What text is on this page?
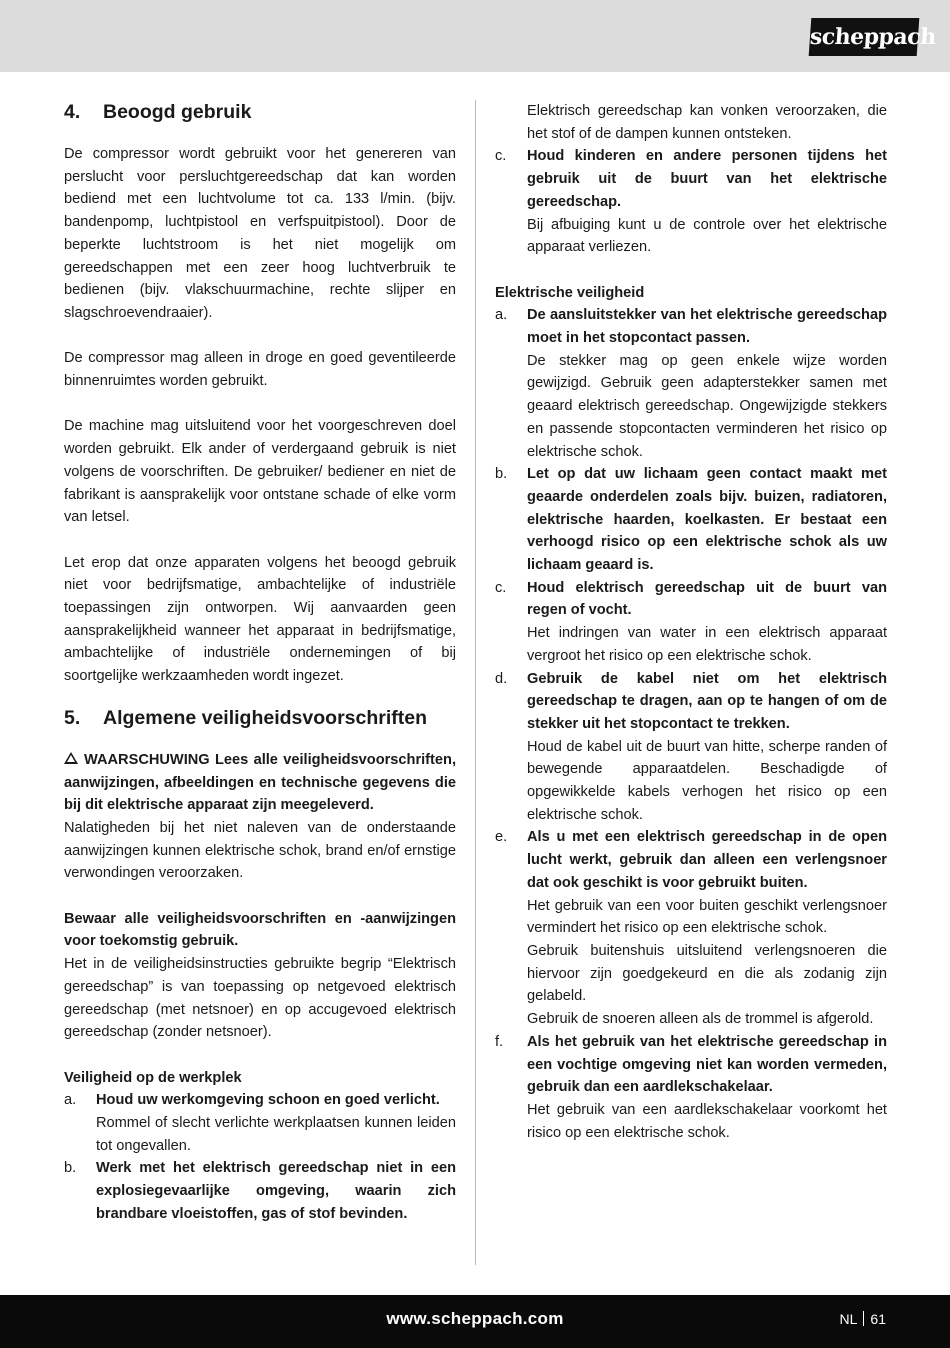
scheppach
4.	Beoogd gebruik

De compressor wordt gebruikt voor het genereren van perslucht voor persluchtgereedschap dat kan worden bediend met een luchtvolume tot ca. 133 l/min. (bijv. bandenpomp, luchtpistool en verfspuitpistool). Door de beperkte luchtstroom is het niet mogelijk om gereedschappen met een zeer hoog luchtverbruik te bedienen (bijv. vlakschuurmachine, rechte slijper en slagschroevendraaier).

De compressor mag alleen in droge en goed geventileerde binnenruimtes worden gebruikt.

De machine mag uitsluitend voor het voorgeschreven doel worden gebruikt. Elk ander of verdergaand gebruik is niet volgens de voorschriften. De gebruiker/ bediener en niet de fabrikant is aansprakelijk voor ontstane schade of elke vorm van letsel.

Let erop dat onze apparaten volgens het beoogd gebruik niet voor bedrijfsmatige, ambachtelijke of industriële toepassingen zijn ontworpen. Wij aanvaarden geen aansprakelijkheid wanneer het apparaat in bedrijfsmatige, ambachtelijke of industriële ondernemingen of bij soortgelijke werkzaamheden wordt ingezet.

5.	Algemene veiligheidsvoorschriften

WAARSCHUWING Lees alle veiligheidsvoorschriften, aanwijzingen, afbeeldingen en technische gegevens die bij dit elektrische apparaat zijn meegeleverd.

Nalatigheden bij het niet naleven van de onderstaande aanwijzingen kunnen elektrische schok, brand en/of ernstige verwondingen veroorzaken.

Bewaar alle veiligheidsvoorschriften en -aanwijzingen voor toekomstig gebruik.

Het in de veiligheidsinstructies gebruikte begrip “Elektrisch gereedschap” is van toepassing op netgevoed elektrisch gereedschap (met netsnoer) en op accugevoed elektrisch gereedschap (zonder netsnoer).

Veiligheid op de werkplek

a.	Houd uw werkomgeving schoon en goed verlicht.

Rommel of slecht verlichte werkplaatsen kunnen leiden tot ongevallen.

b.	Werk met het elektrisch gereedschap niet in een explosiegevaarlijke omgeving, waarin zich brandbare vloeistoffen, gas of stof bevinden.

Elektrisch gereedschap kan vonken veroorzaken, die het stof of de dampen kunnen ontsteken.

c.	Houd kinderen en andere personen tijdens het gebruik uit de buurt van het elektrische gereedschap.

Bij afbuiging kunt u de controle over het elektrische apparaat verliezen.

Elektrische veiligheid

a.	De aansluitstekker van het elektrische gereedschap moet in het stopcontact passen.

De stekker mag op geen enkele wijze worden gewijzigd. Gebruik geen adapterstekker samen met geaard elektrisch gereedschap. Ongewijzigde stekkers en passende stopcontacten verminderen het risico op elektrische schok.

b.	Let op dat uw lichaam geen contact maakt met geaarde onderdelen zoals bijv. buizen, radiatoren, elektrische haarden, koelkasten. Er bestaat een verhoogd risico op een elektrische schok als uw lichaam geaard is.

c.	Houd elektrisch gereedschap uit de buurt van regen of vocht.

Het indringen van water in een elektrisch apparaat vergroot het risico op een elektrische schok.

d.	Gebruik de kabel niet om het elektrisch gereedschap te dragen, aan op te hangen of om de stekker uit het stopcontact te trekken.

Houd de kabel uit de buurt van hitte, scherpe randen of bewegende apparaatdelen. Beschadigde of opgewikkelde kabels verhogen het risico op een elektrische schok.

e.	Als u met een elektrisch gereedschap in de open lucht werkt, gebruik dan alleen een verlengsnoer dat ook geschikt is voor gebruikt buiten.

Het gebruik van een voor buiten geschikt verlengsnoer vermindert het risico op een elektrische schok.

Gebruik buitenshuis uitsluitend verlengsnoeren die hiervoor zijn goedgekeurd en die als zodanig zijn gelabeld.

Gebruik de snoeren alleen als de trommel is afgerold.

f.	Als het gebruik van het elektrische gereedschap in een vochtige omgeving niet kan worden vermeden, gebruik dan een aardlekschakelaar.

Het gebruik van een aardlekschakelaar voorkomt het risico op een elektrische schok.

www.scheppach.com	NL 61
